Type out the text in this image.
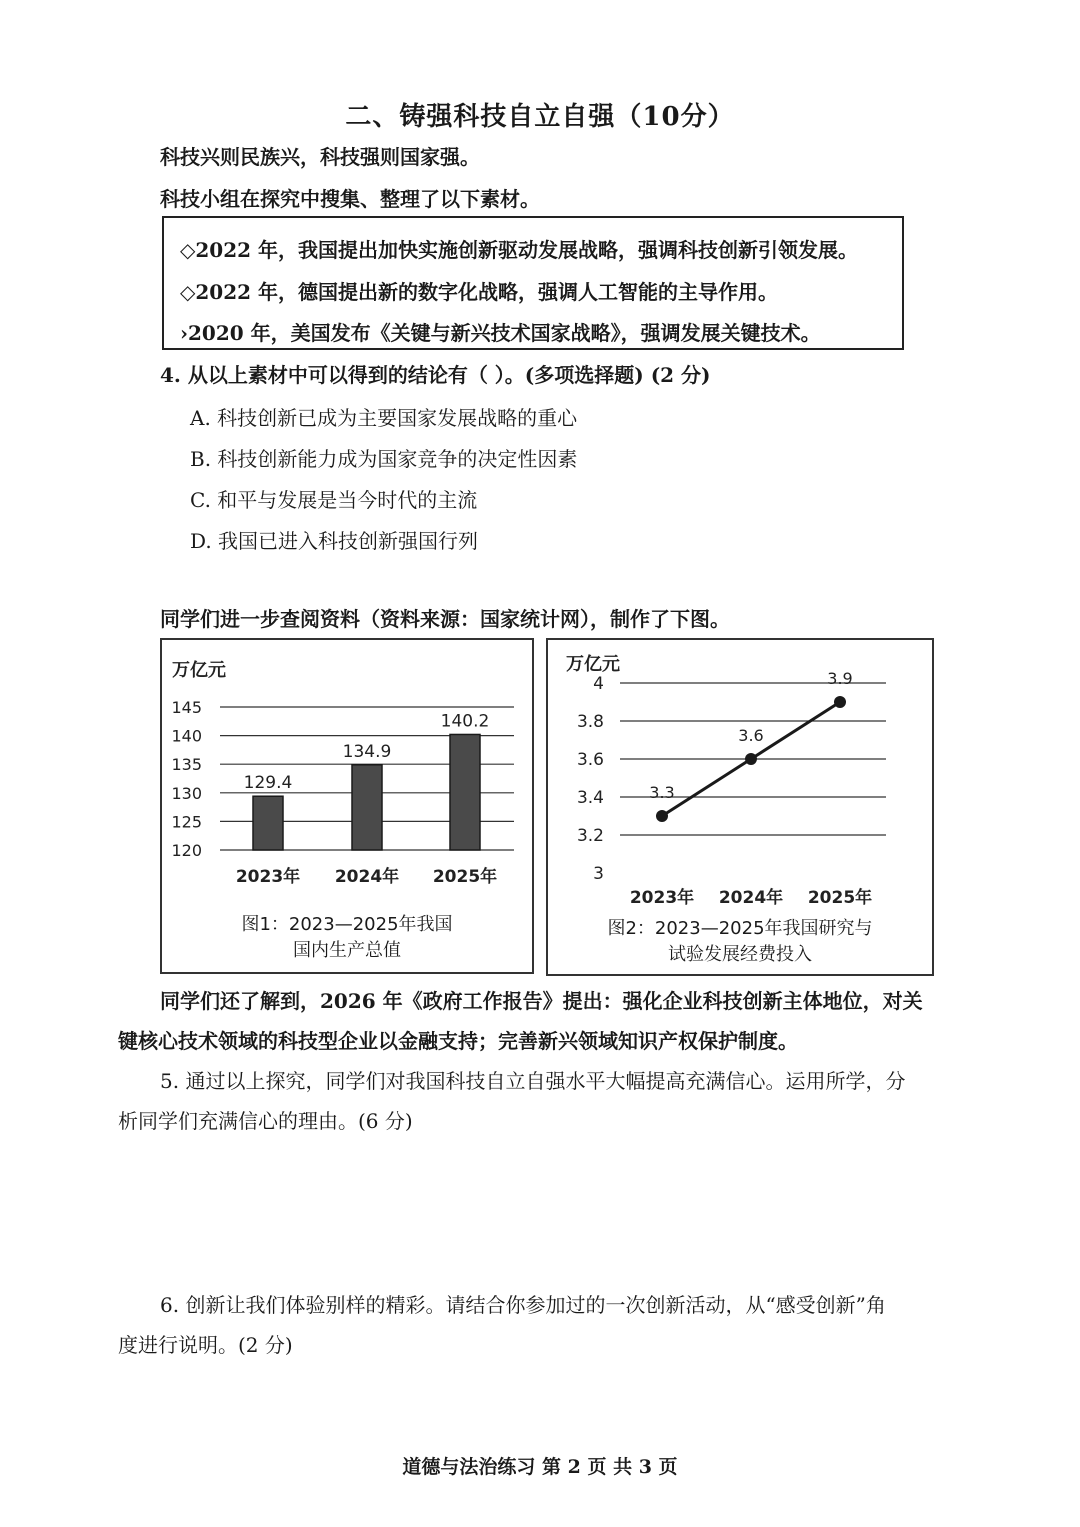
二、铸强科技自立自强（10分）
科技兴则民族兴，科技强则国家强。
科技小组在探究中搜集、整理了以下素材。
◇2022 年，我国提出加快实施创新驱动发展战略，强调科技创新引领发展。
◇2022 年，德国提出新的数字化战略，强调人工智能的主导作用。
›2020 年，美国发布《关键与新兴技术国家战略》，强调发展关键技术。
4. 从以上素材中可以得到的结论有（ ）。(多项选择题) (2 分)
A. 科技创新已成为主要国家发展战略的重心
B. 科技创新能力成为国家竞争的决定性因素
C. 和平与发展是当今时代的主流
D. 我国已进入科技创新强国行列
同学们进一步查阅资料（资料来源：国家统计网），制作了下图。
万亿元
145
140
135
130
125
120
129.4
2023年
134.9
2024年
140.2
2025年
图1：2023—2025年我国
国内生产总值
万亿元
4
3.8
3.6
3.4
3.2
3
3.3
2023年
3.6
2024年
3.9
2025年
图2：2023—2025年我国研究与
试验发展经费投入
同学们还了解到，2026 年《政府工作报告》提出：强化企业科技创新主体地位，对关
键核心技术领域的科技型企业以金融支持；完善新兴领域知识产权保护制度。
5. 通过以上探究，同学们对我国科技自立自强水平大幅提高充满信心。运用所学，分
析同学们充满信心的理由。(6 分)
6. 创新让我们体验别样的精彩。请结合你参加过的一次创新活动，从“感受创新”角
度进行说明。(2 分)
道德与法治练习 第 2 页 共 3 页
